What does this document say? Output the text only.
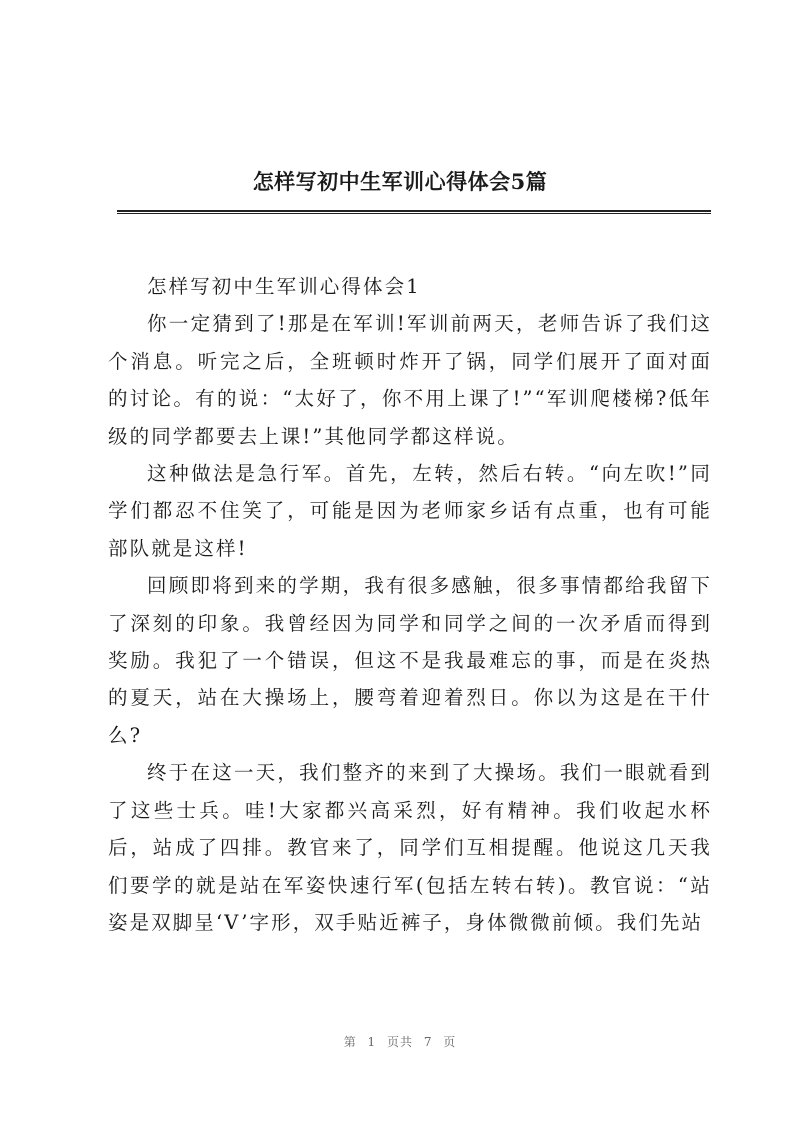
怎样写初中生军训心得体会5篇

怎样写初中生军训心得体会1

你一定猜到了!那是在军训!军训前两天，老师告诉了我们这个消息。听完之后，全班顿时炸开了锅，同学们展开了面对面的讨论。有的说：“太好了，你不用上课了!”“军训爬楼梯?低年级的同学都要去上课!”其他同学都这样说。

这种做法是急行军。首先，左转，然后右转。“向左吹!”同学们都忍不住笑了，可能是因为老师家乡话有点重，也有可能部队就是这样!

回顾即将到来的学期，我有很多感触，很多事情都给我留下了深刻的印象。我曾经因为同学和同学之间的一次矛盾而得到奖励。我犯了一个错误，但这不是我最难忘的事，而是在炎热的夏天，站在大操场上，腰弯着迎着烈日。你以为这是在干什么?

终于在这一天，我们整齐的来到了大操场。我们一眼就看到了这些士兵。哇!大家都兴高采烈，好有精神。我们收起水杯后，站成了四排。教官来了，同学们互相提醒。他说这几天我们要学的就是站在军姿快速行军(包括左转右转)。教官说：“站姿是双脚呈‘V’字形，双手贴近裤子，身体微微前倾。我们先站

第 1 页共 7 页
